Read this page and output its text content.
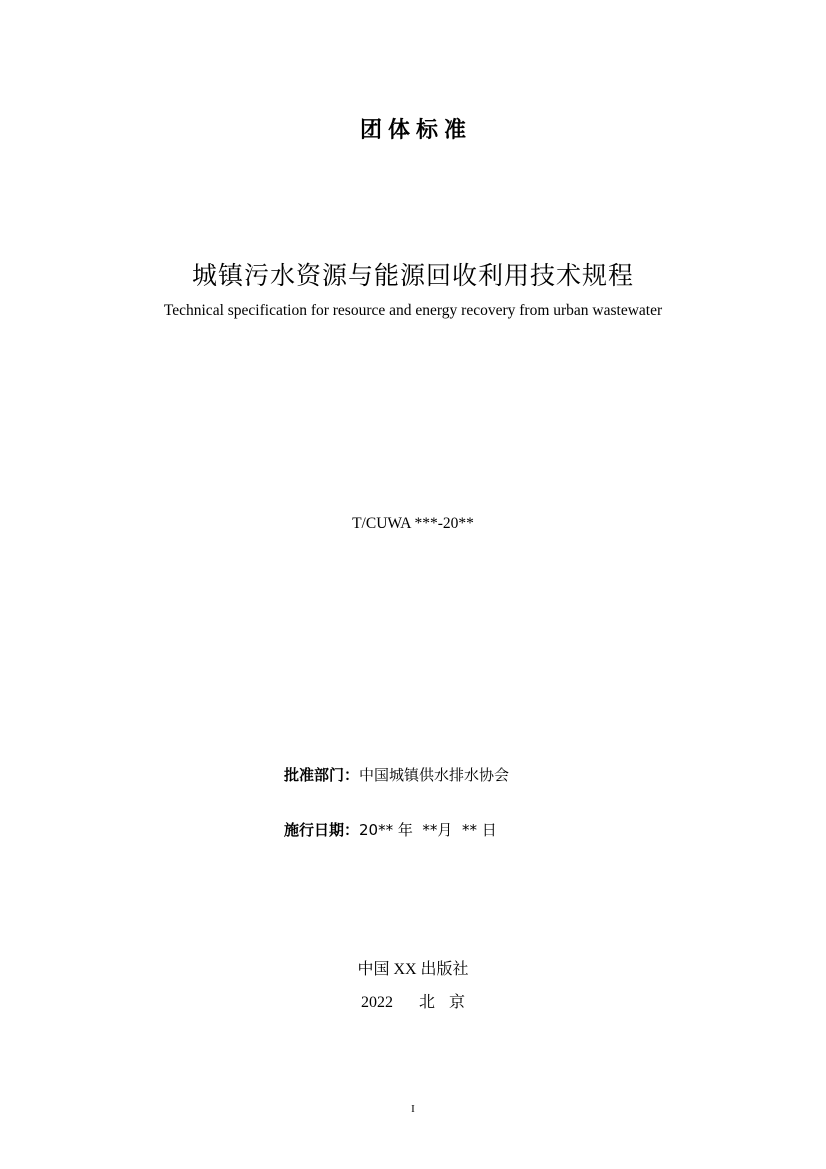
团体标准
城镇污水资源与能源回收利用技术规程
Technical specification for resource and energy recovery from urban wastewater
T/CUWA ***-20**
批准部门：中国城镇供水排水协会
施行日期：20** 年  **月  ** 日
中国 XX 出版社
2022 北 京
I
